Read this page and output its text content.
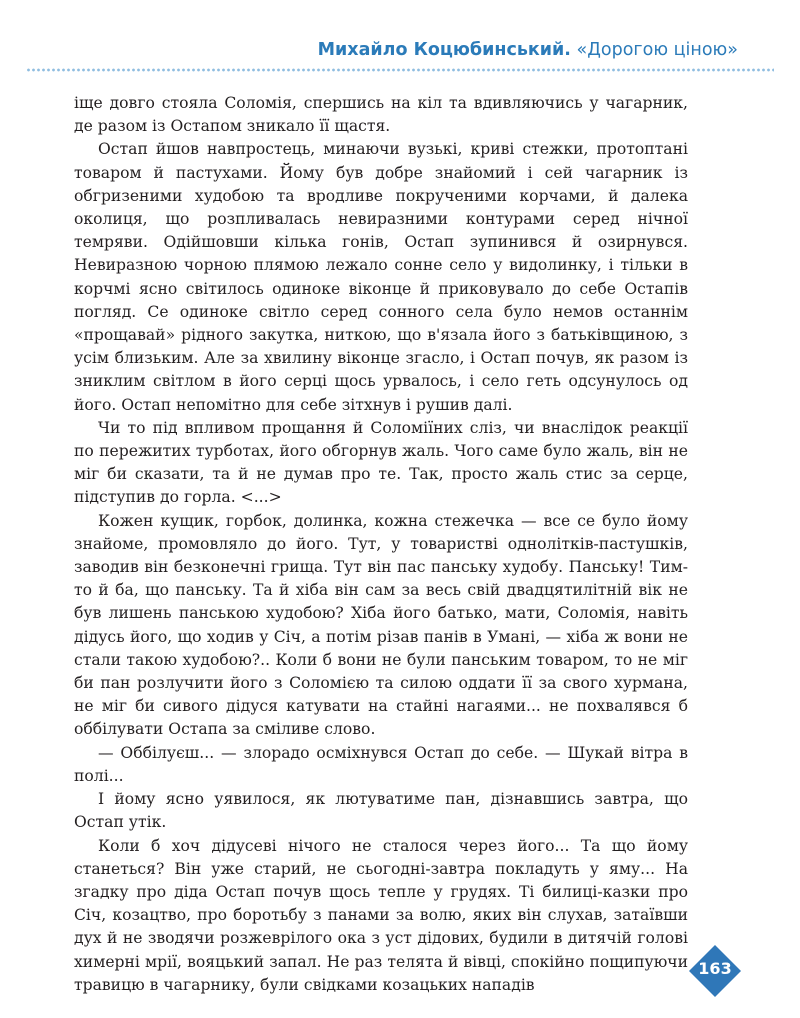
Михайло Коцюбинський. «Дорогою ціною»

іще довго стояла Соломія, спершись на кіл та вдивляючись у чагарник, де разом із Остапом зникало її щастя.

Остап йшов навпростець, минаючи вузькі, криві стежки, протоптані товаром й пастухами. Йому був добре знайомий і сей чагарник із обгризеними худобою та вродливе покрученими корчами, й далека околиця, що розпливалась невиразними контурами серед нічної темряви. Одійшовши кілька гонів, Остап зупинився й озирнувся. Невиразною чорною плямою лежало сонне село у видолинку, і тільки в корчмі ясно світилось одиноке віконце й приковувало до себе Остапів погляд. Се одиноке світло серед сонного села було немов останнім «прощавай» рідного закутка, ниткою, що в'язала його з батьківщиною, з усім близьким. Але за хвилину віконце згасло, і Остап почув, як разом із зниклим світлом в його серці щось урвалось, і село геть одсунулось од його. Остап непомітно для себе зітхнув і рушив далі.

Чи то під впливом прощання й Соломіїних сліз, чи внаслідок реакції по пережитих турботах, його обгорнув жаль. Чого саме було жаль, він не міг би сказати, та й не думав про те. Так, просто жаль стис за серце, підступив до горла. <...>

Кожен кущик, горбок, долинка, кожна стежечка — все се було йому знайоме, промовляло до його. Тут, у товаристві однолітків-пастушків, заводив він безконечні грища. Тут він пас панську худобу. Панську! Тим-то й ба, що панську. Та й хіба він сам за весь свій двадцятилітній вік не був лишень панською худобою? Хіба його батько, мати, Соломія, навіть дідусь його, що ходив у Січ, а потім різав панів в Умані, — хіба ж вони не стали такою худобою?.. Коли б вони не були панським товаром, то не міг би пан розлучити його з Соломією та силою оддати її за свого хурмана, не міг би сивого дідуся катувати на стайні нагаями... не похвалявся б оббілувати Остапа за сміливе слово.

— Оббілуєш... — злорадо осміхнувся Остап до себе. — Шукай вітра в полі...

І йому ясно уявилося, як лютуватиме пан, дізнавшись завтра, що Остап утік.

Коли б хоч дідусеві нічого не сталося через його... Та що йому станеться? Він уже старий, не сьогодні-завтра покладуть у яму... На згадку про діда Остап почув щось тепле у грудях. Ті билиці-казки про Січ, козацтво, про боротьбу з панами за волю, яких він слухав, затаївши дух й не зводячи розжеврілого ока з уст дідових, будили в дитячій голові химерні мрії, вояцький запал. Не раз телята й вівці, спокійно пощипуючи травицю в чагарнику, були свідками козацьких нападів

163
